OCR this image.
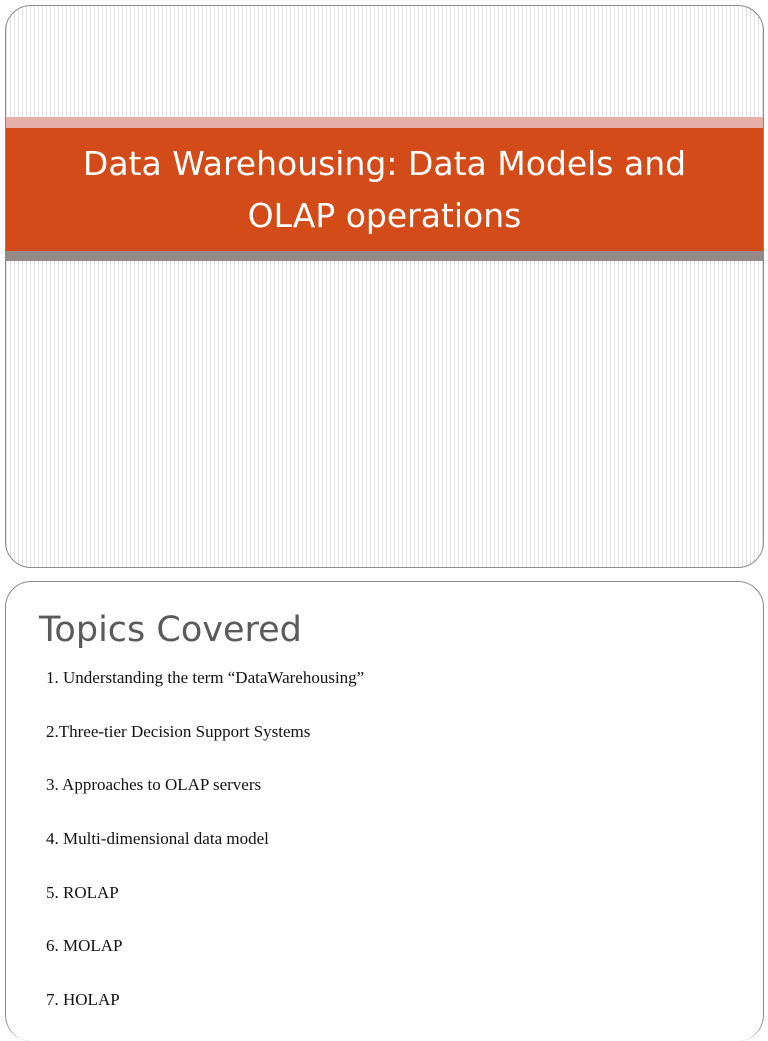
Data Warehousing: Data Models and
OLAP operations
Topics Covered
1. Understanding the term “DataWarehousing”
2.Three-tier Decision Support Systems
3. Approaches to OLAP servers
4. Multi-dimensional data model
5. ROLAP
6. MOLAP
7. HOLAP
